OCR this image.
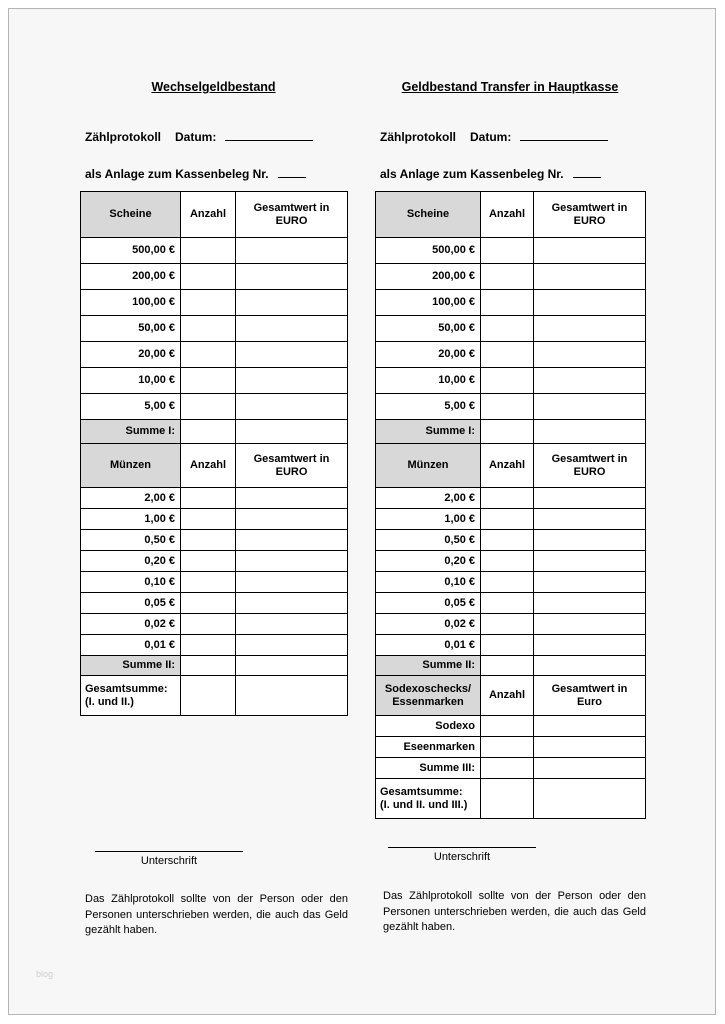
Wechselgeldbestand
Zählprotokoll Datum:
als Anlage zum Kassenbeleg Nr.
Scheine	Anzahl	Gesamtwert in EURO
500,00 €		
200,00 €		
100,00 €		
50,00 €		
20,00 €		
10,00 €		
5,00 €		
Summe I:		
Münzen	Anzahl	Gesamtwert in EURO
2,00 €		
1,00 €		
0,50 €		
0,20 €		
0,10 €		
0,05 €		
0,02 €		
0,01 €		
Summe II:		
Gesamtsumme:
(I. und II.)		
Geldbestand Transfer in Hauptkasse
Zählprotokoll Datum:
als Anlage zum Kassenbeleg Nr.
Scheine	Anzahl	Gesamtwert in EURO
500,00 €		
200,00 €		
100,00 €		
50,00 €		
20,00 €		
10,00 €		
5,00 €		
Summe I:		
Münzen	Anzahl	Gesamtwert in EURO
2,00 €		
1,00 €		
0,50 €		
0,20 €		
0,10 €		
0,05 €		
0,02 €		
0,01 €		
Summe II:		
Sodexoschecks/
Essenmarken	Anzahl	Gesamtwert in Euro
Sodexo		
Eseenmarken		
Summe III:		
Gesamtsumme:
(I. und II. und III.)		
Unterschrift	Unterschrift
Das Zählprotokoll sollte von der Person oder den Personen unterschrieben werden, die auch das Geld gezählt haben.
Das Zählprotokoll sollte von der Person oder den Personen unterschrieben werden, die auch das Geld gezählt haben.
blog
